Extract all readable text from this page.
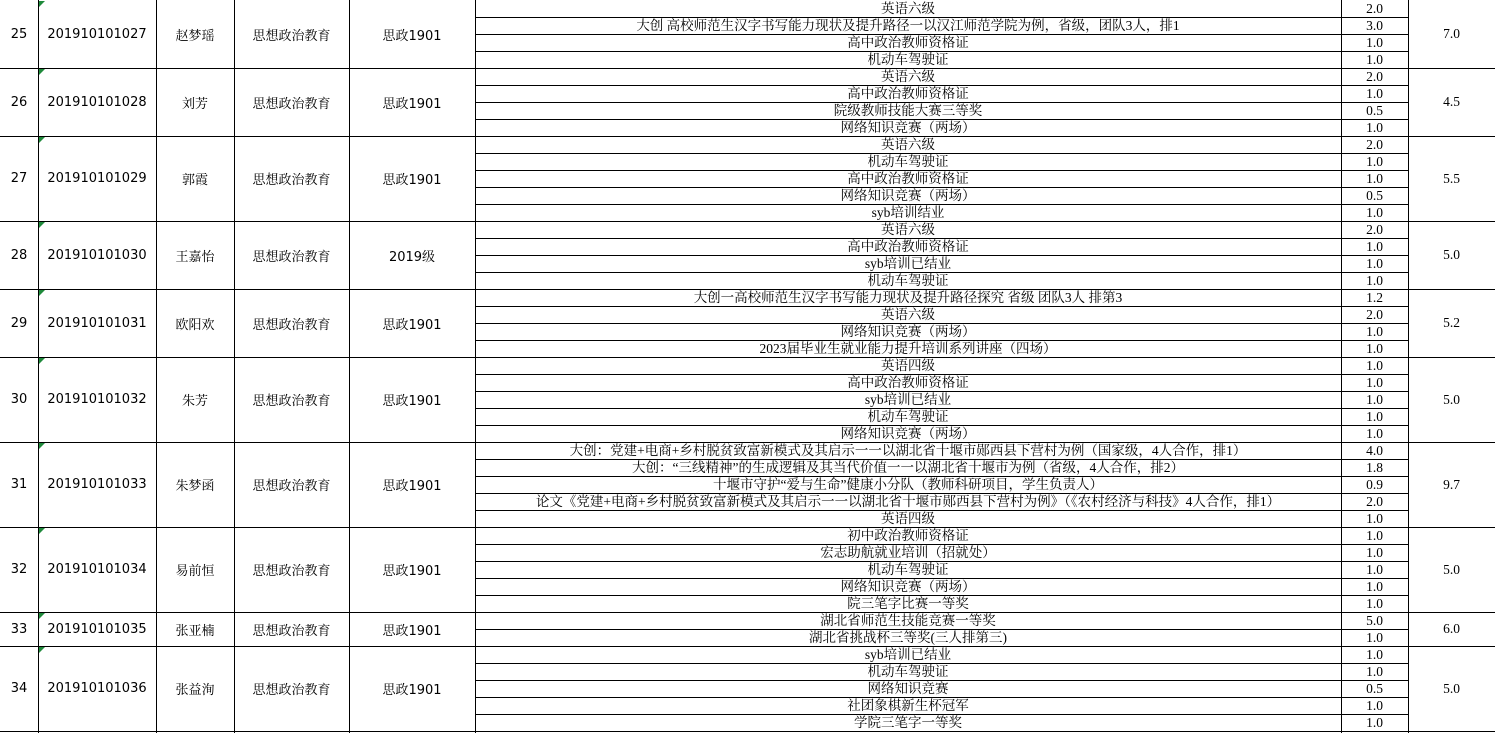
25	201910101027	赵梦瑶	思想政治教育	思政1901	7.0
英语六级	2.0
大创 高校师范生汉字书写能力现状及提升路径一以汉江师范学院为例，省级，团队3人，排1	3.0
高中政治教师资格证	1.0
机动车驾驶证	1.0
26	201910101028	刘芳	思想政治教育	思政1901	4.5
英语六级	2.0
高中政治教师资格证	1.0
院级教师技能大赛三等奖	0.5
网络知识竞赛（两场）	1.0
27	201910101029	郭霞	思想政治教育	思政1901	5.5
英语六级	2.0
机动车驾驶证	1.0
高中政治教师资格证	1.0
网络知识竞赛（两场）	0.5
syb培训结业	1.0
28	201910101030	王嘉怡	思想政治教育	2019级	5.0
英语六级	2.0
高中政治教师资格证	1.0
syb培训已结业	1.0
机动车驾驶证	1.0
29	201910101031	欧阳欢	思想政治教育	思政1901	5.2
大创一高校师范生汉字书写能力现状及提升路径探究 省级 团队3人 排第3	1.2
英语六级	2.0
网络知识竞赛（两场）	1.0
2023届毕业生就业能力提升培训系列讲座（四场）	1.0
30	201910101032	朱芳	思想政治教育	思政1901	5.0
英语四级	1.0
高中政治教师资格证	1.0
syb培训已结业	1.0
机动车驾驶证	1.0
网络知识竞赛（两场）	1.0
31	201910101033	朱梦函	思想政治教育	思政1901	9.7
大创：党建+电商+乡村脱贫致富新模式及其启示一一以湖北省十堰市郧西县下营村为例（国家级，4人合作，排1）	4.0
大创：“三线精神”的生成逻辑及其当代价值一一以湖北省十堰市为例（省级，4人合作，排2）	1.8
十堰市守护“爱与生命”健康小分队（教师科研项目，学生负责人）	0.9
论文《党建+电商+乡村脱贫致富新模式及其启示一一以湖北省十堰市郧西县下营村为例》（《农村经济与科技》4人合作，排1）	2.0
英语四级	1.0
32	201910101034	易前恒	思想政治教育	思政1901	5.0
初中政治教师资格证	1.0
宏志助航就业培训（招就处）	1.0
机动车驾驶证	1.0
网络知识竞赛（两场）	1.0
院三笔字比赛一等奖	1.0
33	201910101035	张亚楠	思想政治教育	思政1901	6.0
湖北省师范生技能竞赛一等奖	5.0
湖北省挑战杯三等奖(三人排第三)	1.0
34	201910101036	张益洵	思想政治教育	思政1901	5.0
syb培训已结业	1.0
机动车驾驶证	1.0
网络知识竞赛	0.5
社团象棋新生杯冠军	1.0
学院三笔字一等奖	1.0
